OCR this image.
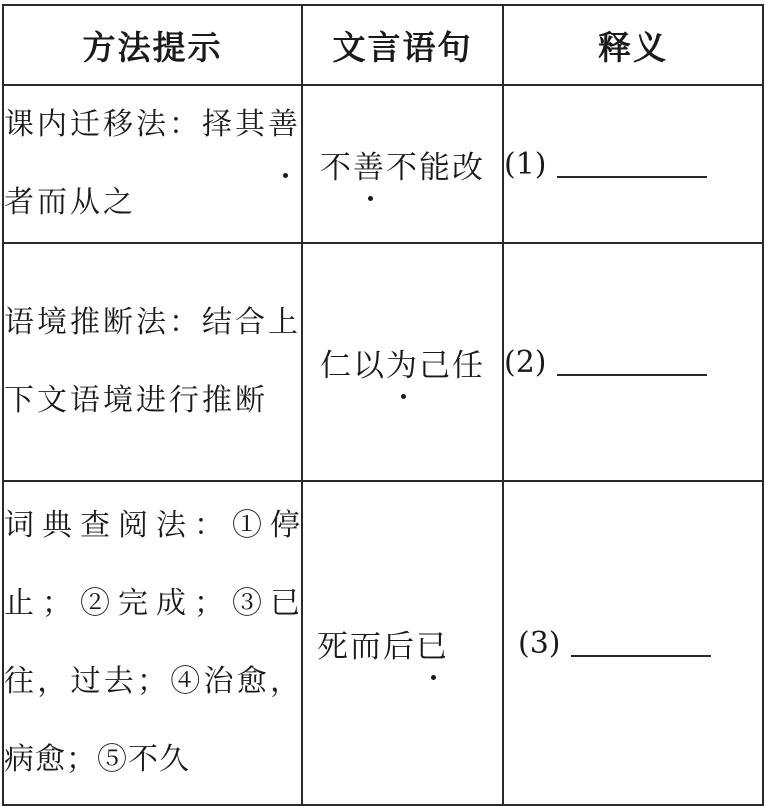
方法提示	文言语句	释义
课内迁移法：择其善者而从之	不善不能改	(1)
语境推断法：结合上下文语境进行推断	仁以为己任	(2)
词典查阅法：①停止；②完成；③已往，过去；④治愈，病愈；⑤不久	死而后已	(3)
